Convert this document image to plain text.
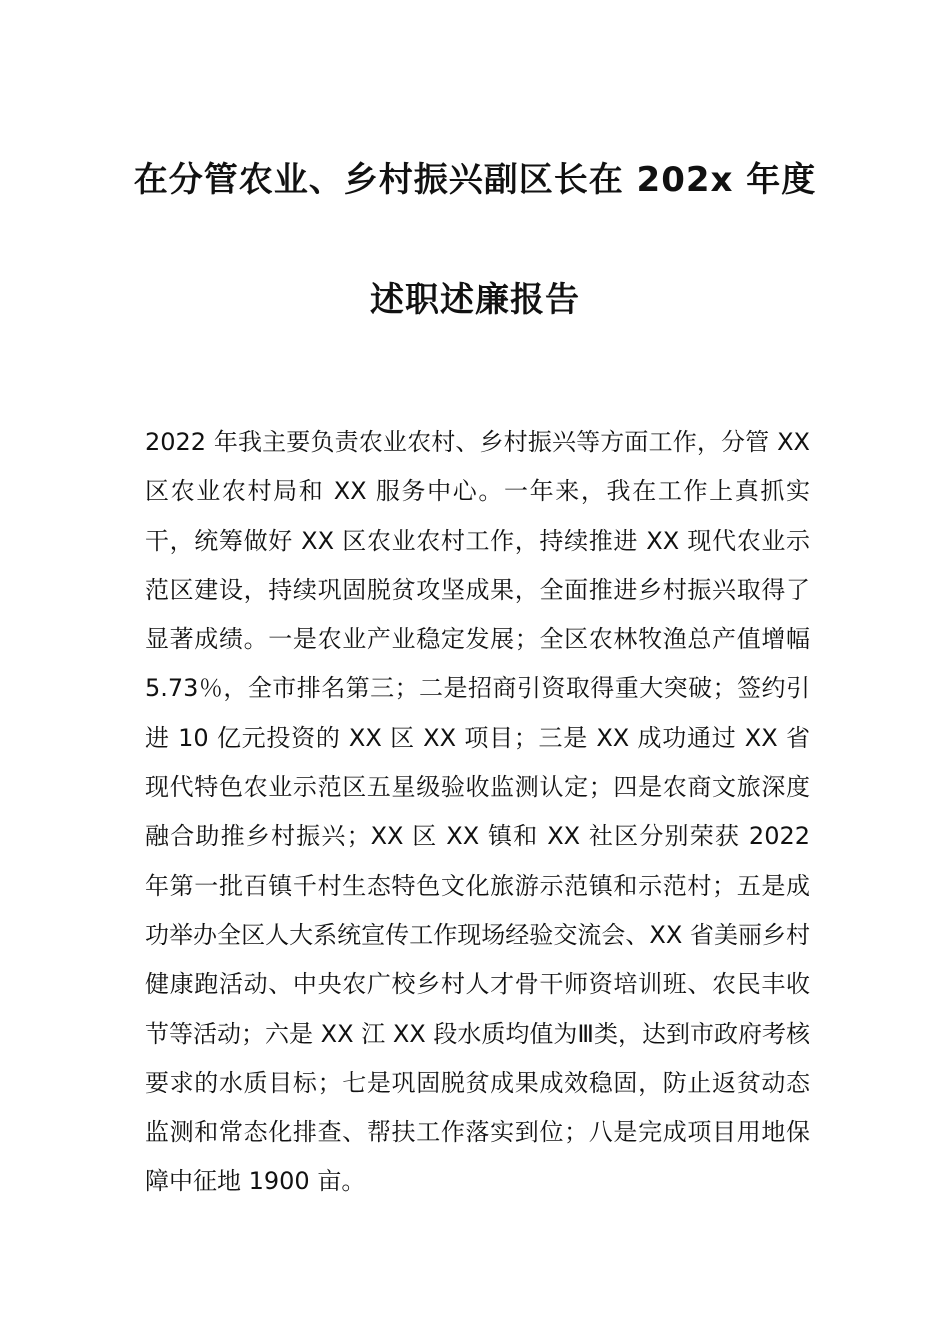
在分管农业、乡村振兴副区长在 202x 年度
述职述廉报告

2022 年我主要负责农业农村、乡村振兴等方面工作，分管 XX 区农业农村局和 XX 服务中心。一年来，我在工作上真抓实干，统筹做好 XX 区农业农村工作，持续推进 XX 现代农业示范区建设，持续巩固脱贫攻坚成果，全面推进乡村振兴取得了显著成绩。一是农业产业稳定发展；全区农林牧渔总产值增幅 5.73％，全市排名第三；二是招商引资取得重大突破；签约引进 10 亿元投资的 XX 区 XX 项目；三是 XX 成功通过 XX 省现代特色农业示范区五星级验收监测认定；四是农商文旅深度融合助推乡村振兴；XX 区 XX 镇和 XX 社区分别荣获 2022 年第一批百镇千村生态特色文化旅游示范镇和示范村；五是成功举办全区人大系统宣传工作现场经验交流会、XX 省美丽乡村健康跑活动、中央农广校乡村人才骨干师资培训班、农民丰收节等活动；六是 XX 江 XX 段水质均值为Ⅲ类，达到市政府考核要求的水质目标；七是巩固脱贫成果成效稳固，防止返贫动态监测和常态化排查、帮扶工作落实到位；八是完成项目用地保障中征地 1900 亩。
